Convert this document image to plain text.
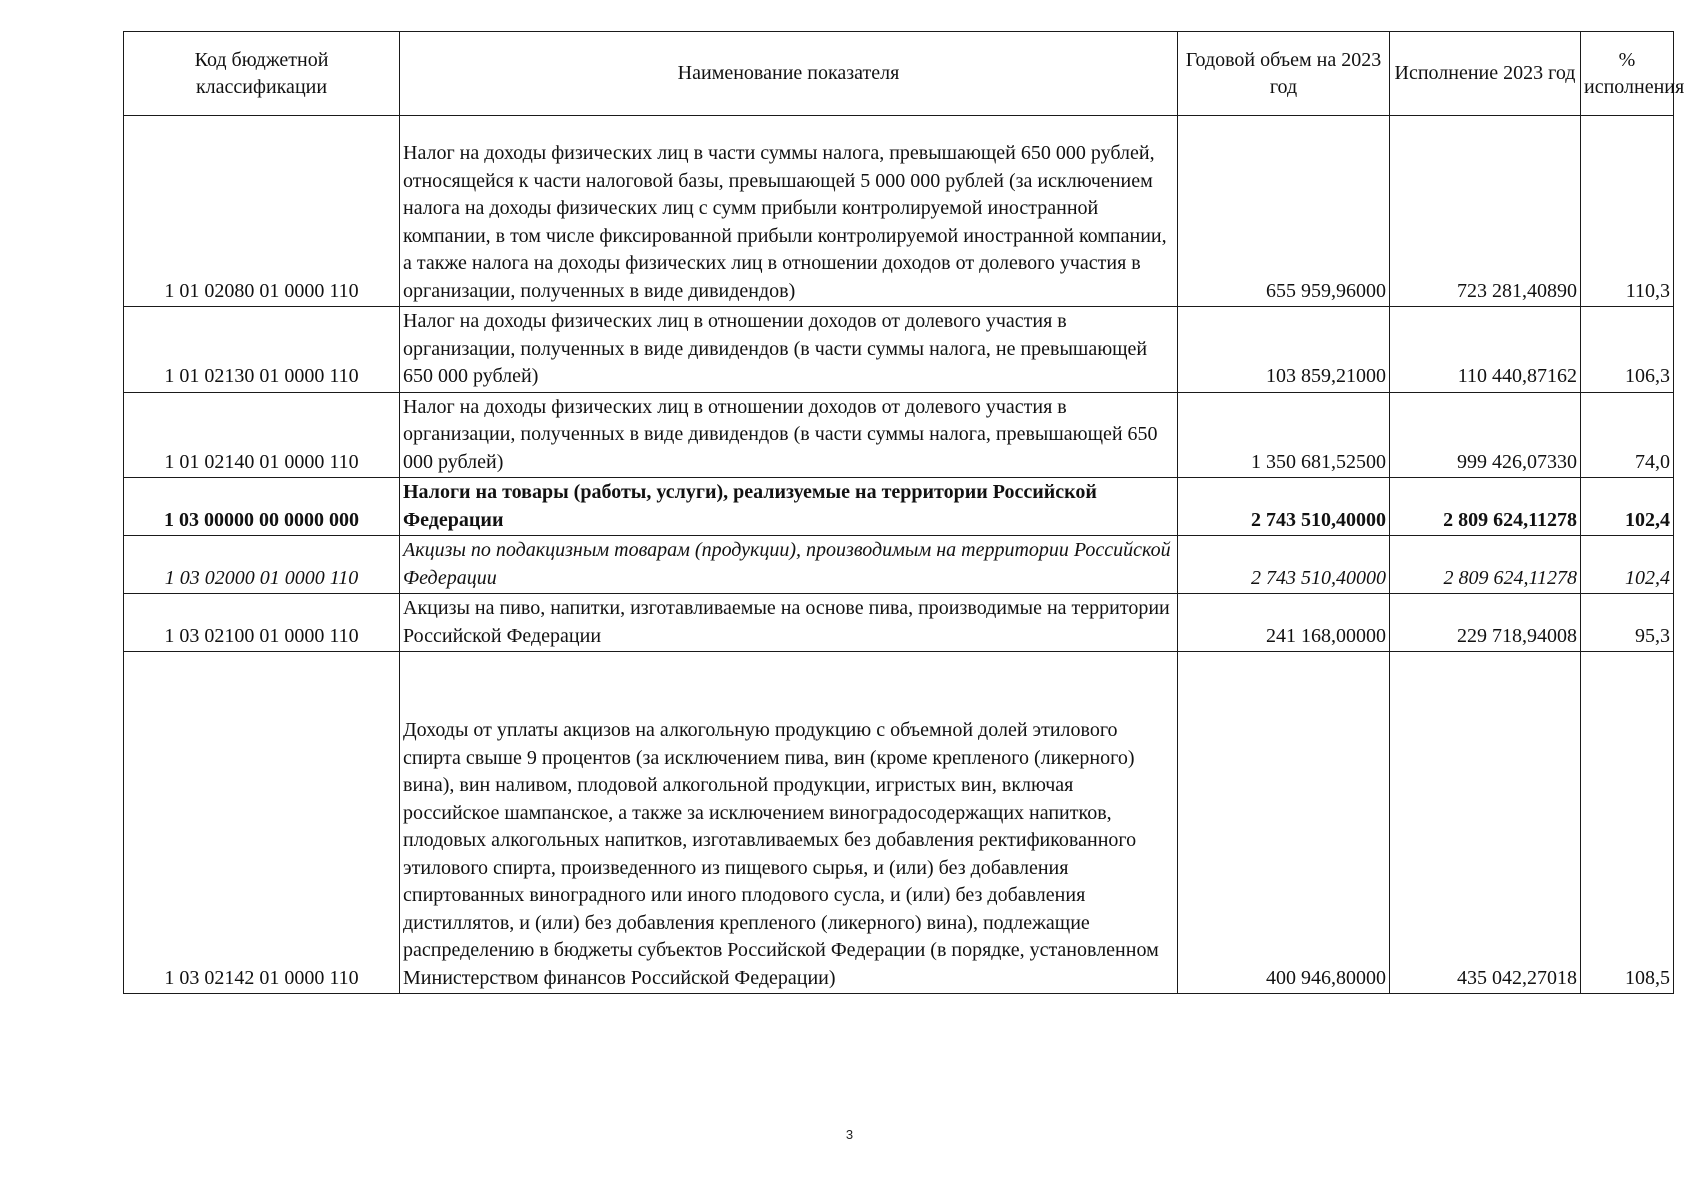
Код бюджетной классификации	Наименование показателя	Годовой объем на 2023 год	Исполнение 2023 год	% исполнения
1 01 02080 01 0000 110	Налог на доходы физических лиц в части суммы налога, превышающей 650 000 рублей, относящейся к части налоговой базы, превышающей 5 000 000 рублей (за исключением налога на доходы физических лиц с сумм прибыли контролируемой иностранной компании, в том числе фиксированной прибыли контролируемой иностранной компании, а также налога на доходы физических лиц в отношении доходов от долевого участия в организации, полученных в виде дивидендов)	655 959,96000	723 281,40890	110,3
1 01 02130 01 0000 110	Налог на доходы физических лиц в отношении доходов от долевого участия в организации, полученных в виде дивидендов (в части суммы налога, не превышающей 650 000 рублей)	103 859,21000	110 440,87162	106,3
1 01 02140 01 0000 110	Налог на доходы физических лиц в отношении доходов от долевого участия в организации, полученных в виде дивидендов (в части суммы налога, превышающей 650 000 рублей)	1 350 681,52500	999 426,07330	74,0
1 03 00000 00 0000 000	Налоги на товары (работы, услуги), реализуемые на территории Российской Федерации	2 743 510,40000	2 809 624,11278	102,4
1 03 02000 01 0000 110	Акцизы по подакцизным товарам (продукции), производимым на территории Российской Федерации	2 743 510,40000	2 809 624,11278	102,4
1 03 02100 01 0000 110	Акцизы на пиво, напитки, изготавливаемые на основе пива, производимые на территории Российской Федерации	241 168,00000	229 718,94008	95,3
1 03 02142 01 0000 110	Доходы от уплаты акцизов на алкогольную продукцию с объемной долей этилового спирта свыше 9 процентов (за исключением пива, вин (кроме крепленого (ликерного) вина), вин наливом, плодовой алкогольной продукции, игристых вин, включая российское шампанское, а также за исключением виноградосодержащих напитков, плодовых алкогольных напитков, изготавливаемых без добавления ректификованного этилового спирта, произведенного из пищевого сырья, и (или) без добавления спиртованных виноградного или иного плодового сусла, и (или) без добавления дистиллятов, и (или) без добавления крепленого (ликерного) вина), подлежащие распределению в бюджеты субъектов Российской Федерации (в порядке, установленном Министерством финансов Российской Федерации)	400 946,80000	435 042,27018	108,5
3
